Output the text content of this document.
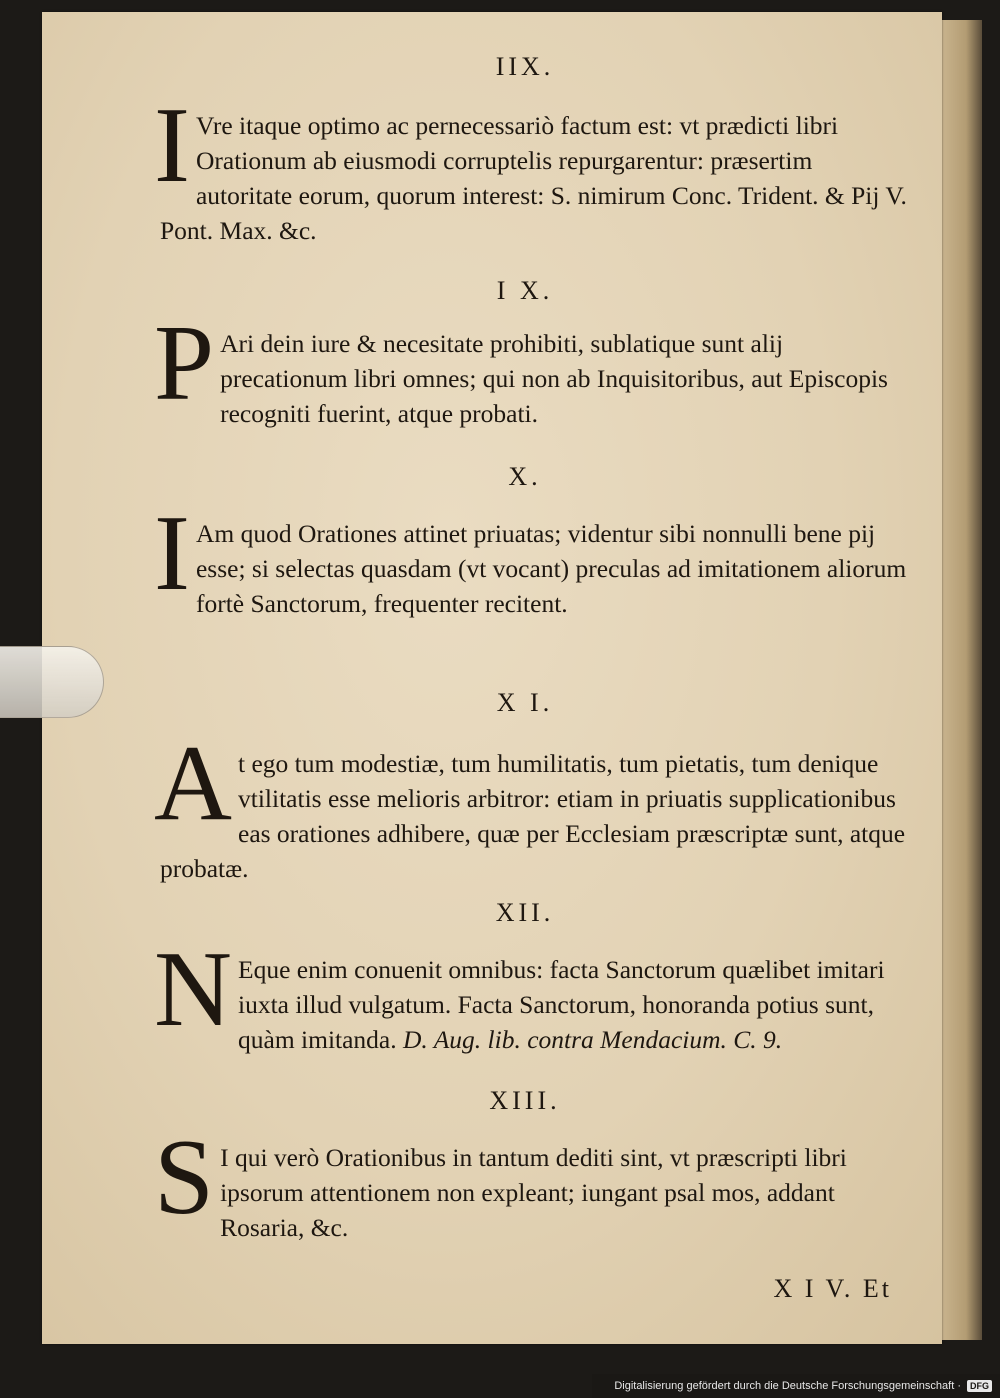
IIX.
I Vre itaque optimo ac pernecessariò factum est: vt prædicti libri Orationum ab eiusmodi corruptelis repurgarentur: præsertim autoritate eorum, quorum interest: S. nimirum Conc. Trident. & Pij V. Pont. Max. &c.
I X.
P Ari dein iure & necesitate prohibiti, sublatique sunt alij precationum libri omnes; qui non ab Inquisitoribus, aut Episcopis recogniti fuerint, atque probati.
X.
I Am quod Orationes attinet priuatas; videntur sibi nonnulli bene pij esse; si selectas quasdam (vt vocant) preculas ad imitationem aliorum fortè Sanctorum, frequenter recitent.
X I.
A t ego tum modestiæ, tum humilitatis, tum pietatis, tum denique vtilitatis esse melioris arbitror: etiam in priuatis supplicationibus eas orationes adhibere, quæ per Ecclesiam præscriptæ sunt, atque probatæ.
XII.
N Eque enim conuenit omnibus: facta Sanctorum quælibet imitari iuxta illud vulgatum. Facta Sanctorum, honoranda potius sunt, quàm imitanda. D. Aug. lib. contra Mendacium. C. 9.
XIII.
S I qui verò Orationibus in tantum dediti sint, vt præscripti libri ipsorum attentionem non expleant; iungant psal mos, addant Rosaria, &c.
X I V. Et
Digitalisierung gefördert durch die Deutsche Forschungsgemeinschaft ·	DFG
